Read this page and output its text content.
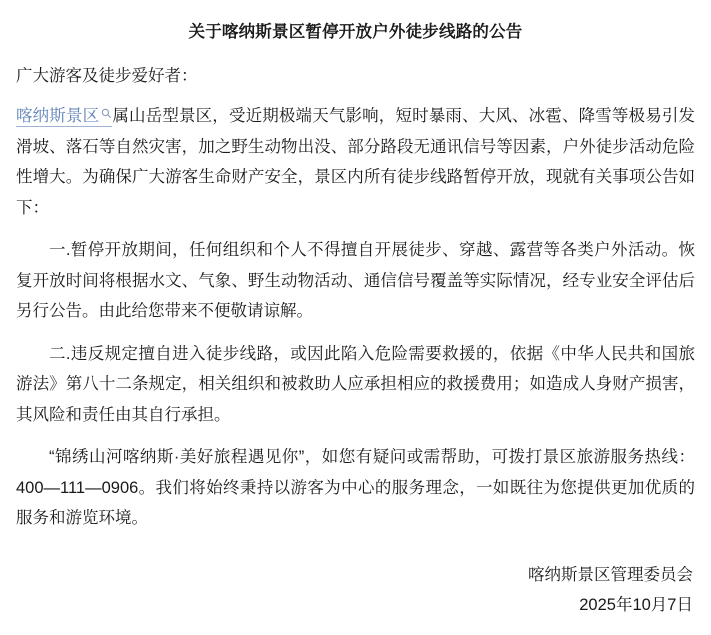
关于喀纳斯景区暂停开放户外徒步线路的公告
广大游客及徒步爱好者：

喀纳斯景区 属山岳型景区，受近期极端天气影响，短时暴雨、大风、冰雹、降雪等极易引发滑坡、落石等自然灾害，加之野生动物出没、部分路段无通讯信号等因素，户外徒步活动危险性增大。为确保广大游客生命财产安全，景区内所有徒步线路暂停开放，现就有关事项公告如下：

一.暂停开放期间，任何组织和个人不得擅自开展徒步、穿越、露营等各类户外活动。恢复开放时间将根据水文、气象、野生动物活动、通信信号覆盖等实际情况，经专业安全评估后另行公告。由此给您带来不便敬请谅解。

二.违反规定擅自进入徒步线路，或因此陷入危险需要救援的，依据《中华人民共和国旅游法》第八十二条规定，相关组织和被救助人应承担相应的救援费用；如造成人身财产损害，其风险和责任由其自行承担。

“锦绣山河喀纳斯·美好旅程遇见你”，如您有疑问或需帮助，可拨打景区旅游服务热线：400—111—0906。我们将始终秉持以游客为中心的服务理念，一如既往为您提供更加优质的服务和游览环境。

喀纳斯景区管理委员会
2025年10月7日
